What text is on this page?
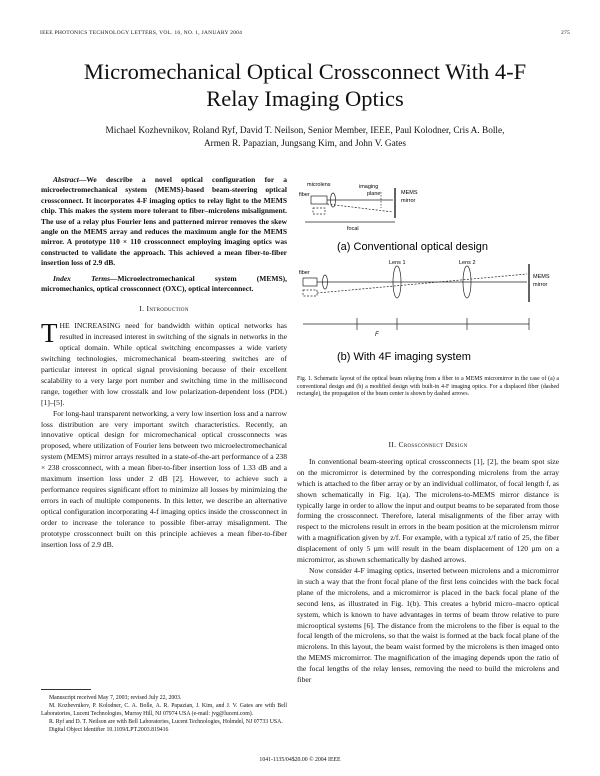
IEEE PHOTONICS TECHNOLOGY LETTERS, VOL. 16, NO. 1, JANUARY 2004	275
Micromechanical Optical Crossconnect With 4-F
Relay Imaging Optics
Michael Kozhevnikov, Roland Ryf, David T. Neilson, Senior Member, IEEE, Paul Kolodner, Cris A. Bolle,
Armen R. Papazian, Jungsang Kim, and John V. Gates

Abstract—We describe a novel optical configuration for a microelectromechanical system (MEMS)-based beam-steering optical crossconnect. It incorporates 4-F imaging optics to relay light to the MEMS chip. This makes the system more tolerant to fiber–microlens misalignment. The use of a relay plus Fourier lens and patterned mirror removes the skew angle on the MEMS array and reduces the maximum angle for the MEMS mirror. A prototype 110 × 110 crossconnect employing imaging optics was constructed to validate the approach. This achieved a mean fiber-to-fiber insertion loss of 2.9 dB.

Index Terms—Microelectromechanical system (MEMS), micromechanics, optical crossconnect (OXC), optical interconnect.

I. Introduction

THE INCREASING need for bandwidth within optical networks has resulted in increased interest in switching of the signals in networks in the optical domain. While optical switching encompasses a wide variety switching technologies, micromechanical beam-steering switches are of particular interest in optical signal provisioning because of their excellent scalability to a very large port number and switching time in the millisecond range, together with low crosstalk and low polarization-dependent loss (PDL) [1]–[5].

For long-haul transparent networking, a very low insertion loss and a narrow loss distribution are very important switch characteristics. Recently, an innovative optical design for micromechanical optical crossconnects was proposed, where utilization of Fourier lens between two microelectromechanical system (MEMS) mirror arrays resulted in a state-of-the-art performance of a 238 × 238 crossconnect, with a mean fiber-to-fiber insertion loss of 1.33 dB and a maximum insertion loss under 2 dB [2]. However, to achieve such a performance requires significant effort to minimize all losses by minimizing the errors in each of multiple components. In this letter, we describe an alternative optical configuration incorporating 4-f imaging optics inside the crossconnect in order to increase the tolerance to possible fiber-array misalignment. The prototype crossconnect built on this principle achieves a mean fiber-to-fiber insertion loss of 2.9 dB.

Manuscript received May 7, 2003; revised July 22, 2003.

M. Kozhevnikov, P. Kolodner, C. A. Bolle, A. R. Papazian, J. Kim, and J. V. Gates are with Bell Laboratories, Lucent Technologies, Murray Hill, NJ 07974 USA (e-mail: jvg@lucent.com).

R. Ryf and D. T. Neilson are with Bell Laboratories, Lucent Technologies, Holmdel, NJ 07733 USA.

Digital Object Identifier 10.1109/LPT.2003.819416

microlens
MEMS
mirror
fiber
imaging
plane
focal
(a) Conventional optical design
Lens 1	Lens 2
fiber
MEMS
mirror
F
(b) With 4F imaging system
Fig. 1. Schematic layout of the optical beam relaying from a fiber to a MEMS micromirror in the case of (a) a conventional design and (b) a modified design with built-in 4-F imaging optics. For a displaced fiber (dashed rectangle), the propagation of the beam center is shown by dashed arrows.
II. Crossconnect Design

In conventional beam-steering optical crossconnects [1], [2], the beam spot size on the micromirror is determined by the corresponding microlens from the array which is attached to the fiber array or by an individual collimator, of focal length f, as shown schematically in Fig. 1(a). The microlens-to-MEMS mirror distance is typically large in order to allow the input and output beams to be separated from those forming the crossconnect. Therefore, lateral misalignments of the fiber array with respect to the microlens result in errors in the beam position at the microlensm mirror with a magnification given by z/f. For example, with a typical z/f ratio of 25, the fiber displacement of only 5 µm will result in the beam displacement of 120 µm on a micromirror, as shown schematically by dashed arrows.

Now consider 4-F imaging optics, inserted between microlens and a micromirror in such a way that the front focal plane of the first lens coincides with the back focal plane of the microlens, and a micromirror is placed in the back focal plane of the second lens, as illustrated in Fig. 1(b). This creates a hybrid micro–macro optical system, which is known to have advantages in terms of beam throw relative to pure microoptical systems [6]. The distance from the microlens to the fiber is equal to the focal length of the microlens, so that the waist is formed at the back focal plane of the microlens. In this layout, the beam waist formed by the microlens is then imaged onto the MEMS micromirror. The magnification of the imaging depends upon the ratio of the focal lengths of the relay lenses, removing the need to build the microlens and fiber

1041-1135/04$20.00 © 2004 IEEE
